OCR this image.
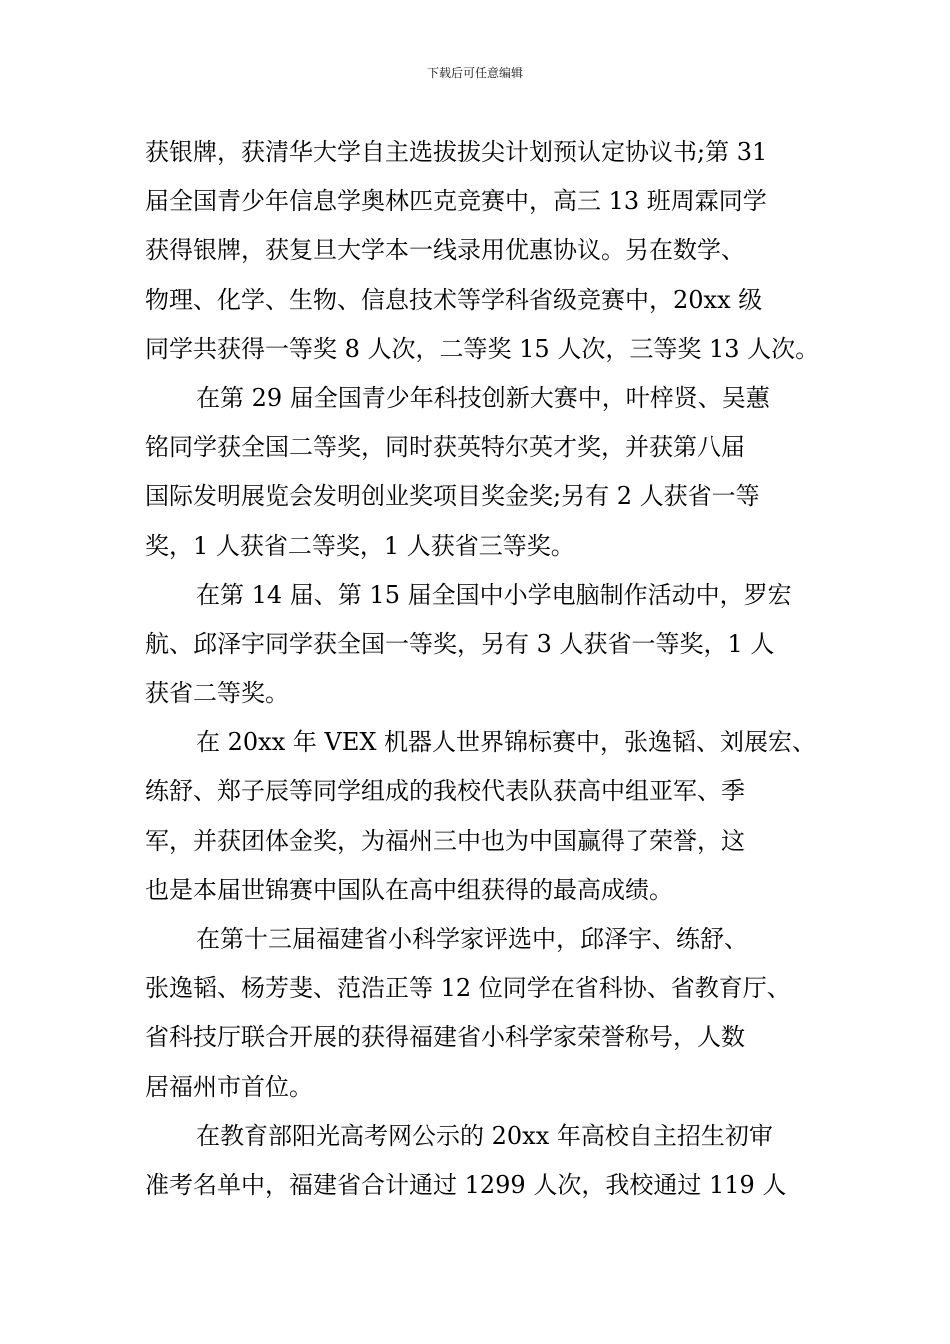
下载后可任意编辑
获银牌，获清华大学自主选拔拔尖计划预认定协议书;第 31
届全国青少年信息学奥林匹克竞赛中，高三 13 班周霖同学
获得银牌，获复旦大学本一线录用优惠协议。另在数学、
物理、化学、生物、信息技术等学科省级竞赛中，20xx 级
同学共获得一等奖 8 人次，二等奖 15 人次，三等奖 13 人次。
在第 29 届全国青少年科技创新大赛中，叶梓贤、吴蕙
铭同学获全国二等奖，同时获英特尔英才奖，并获第八届
国际发明展览会发明创业奖项目奖金奖;另有 2 人获省一等
奖，1 人获省二等奖，1 人获省三等奖。
在第 14 届、第 15 届全国中小学电脑制作活动中，罗宏
航、邱泽宇同学获全国一等奖，另有 3 人获省一等奖，1 人
获省二等奖。
在 20xx 年 VEX 机器人世界锦标赛中，张逸韬、刘展宏、
练舒、郑子辰等同学组成的我校代表队获高中组亚军、季
军，并获团体金奖，为福州三中也为中国赢得了荣誉，这
也是本届世锦赛中国队在高中组获得的最高成绩。
在第十三届福建省小科学家评选中，邱泽宇、练舒、
张逸韬、杨芳斐、范浩正等 12 位同学在省科协、省教育厅、
省科技厅联合开展的获得福建省小科学家荣誉称号，人数
居福州市首位。
在教育部阳光高考网公示的 20xx 年高校自主招生初审
准考名单中，福建省合计通过 1299 人次，我校通过 119 人
